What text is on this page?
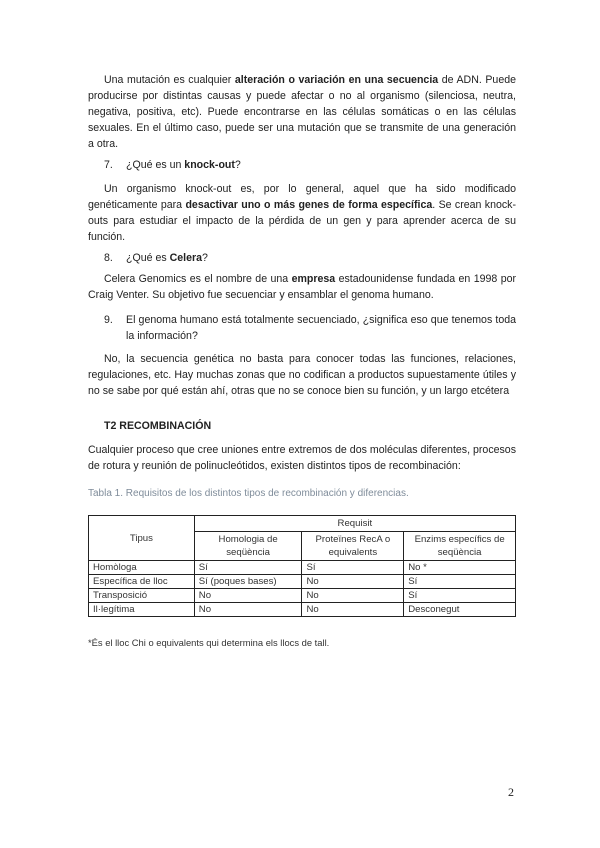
Una mutación es cualquier alteración o variación en una secuencia de ADN. Puede producirse por distintas causas y puede afectar o no al organismo (silenciosa, neutra, negativa, positiva, etc). Puede encontrarse en las células somáticas o en las células sexuales. En el último caso, puede ser una mutación que se transmite de una generación a otra.

7. ¿Qué es un knock-out?

Un organismo knock-out es, por lo general, aquel que ha sido modificado genéticamente para desactivar uno o más genes de forma específica. Se crean knock-outs para estudiar el impacto de la pérdida de un gen y para aprender acerca de su función.

8. ¿Qué es Celera?

Celera Genomics es el nombre de una empresa estadounidense fundada en 1998 por Craig Venter. Su objetivo fue secuenciar y ensamblar el genoma humano.

9.	El genoma humano está totalmente secuenciado, ¿significa eso que tenemos toda la información?

No, la secuencia genética no basta para conocer todas las funciones, relaciones, regulaciones, etc. Hay muchas zonas que no codifican a productos supuestamente útiles y no se sabe por qué están ahí, otras que no se conoce bien su función, y un largo etcétera

T2 RECOMBINACIÓN

Cualquier proceso que cree uniones entre extremos de dos moléculas diferentes, procesos de rotura y reunión de polinucleótidos, existen distintos tipos de recombinación:

Tabla 1. Requisitos de los distintos tipos de recombinación y diferencias.
Tipus	Requisit		
	Homologia de seqüència	Proteïnes RecA o equivalents	Enzims específics de seqüència
Homòloga	Sí	Sí	No *
Específica de lloc	Sí (poques bases)	No	Sí
Transposició	No	No	Sí
Il·legítima	No	No	Desconegut
*És el lloc Chi o equivalents qui determina els llocs de tall.
2
